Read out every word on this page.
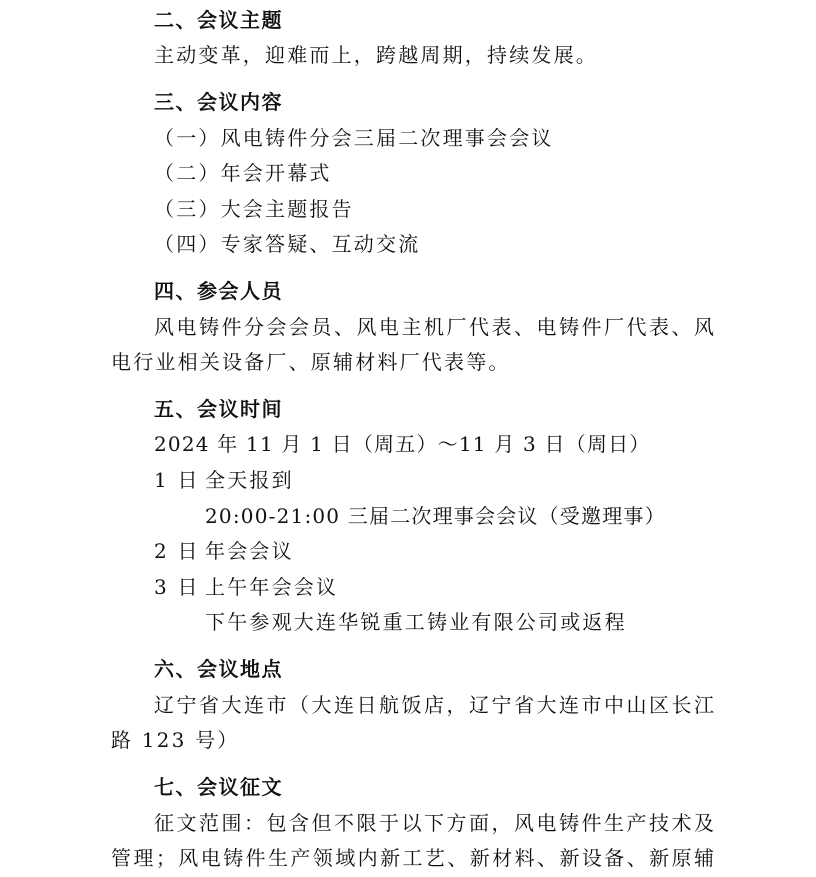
二、会议主题
主动变革，迎难而上，跨越周期，持续发展。
三、会议内容
（一）风电铸件分会三届二次理事会会议
（二）年会开幕式
（三）大会主题报告
（四）专家答疑、互动交流
四、参会人员
风电铸件分会会员、风电主机厂代表、电铸件厂代表、风
电行业相关设备厂、原辅材料厂代表等。
五、会议时间
2024 年 11 月 1 日（周五）～11 月 3 日（周日）
1 日 全天报到
20:00-21:00 三届二次理事会会议（受邀理事）
2 日 年会会议
3 日 上午年会会议
下午参观大连华锐重工铸业有限公司或返程
六、会议地点
辽宁省大连市（大连日航饭店，辽宁省大连市中山区长江
路 123 号）
七、会议征文
征文范围：包含但不限于以下方面，风电铸件生产技术及
管理；风电铸件生产领域内新工艺、新材料、新设备、新原辅
